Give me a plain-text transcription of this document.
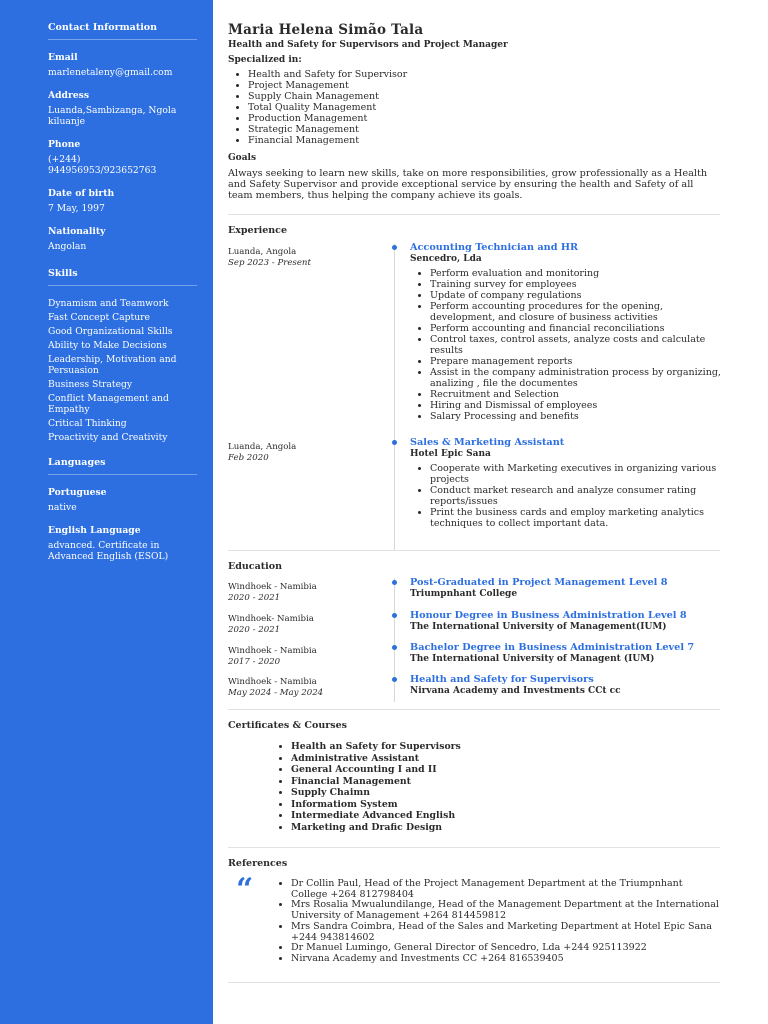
Contact Information
Email
marlenetaleny@gmail.com
Address
Luanda,Sambizanga, Ngola kiluanje
Phone
(+244)
944956953/923652763
Date of birth
7 May, 1997
Nationality
Angolan
Skills
Dynamism and Teamwork
Fast Concept Capture
Good Organizational Skills
Ability to Make Decisions
Leadership, Motivation and Persuasion
Business Strategy
Conflict Management and Empathy
Critical Thinking
Proactivity and Creativity
Languages
Portuguese
native
English Language
advanced. Certificate in Advanced English (ESOL)
Maria Helena Simão Tala
Health and Safety for Supervisors and Project Manager
Specialized in:
• Health and Safety for Supervisor
• Project Management
• Supply Chain Management
• Total Quality Management
• Production Management
• Strategic Management
• Financial Management
Goals
Always seeking to learn new skills, take on more responsibilities, grow professionally as a Health and Safety Supervisor and provide exceptional service by ensuring the health and Safety of all team members, thus helping the company achieve its goals.
Experience
Luanda, Angola
Sep 2023 - Present
Accounting Technician and HR
Sencedro, Lda
• Perform evaluation and monitoring
• Training survey for employees
• Update of company regulations
• Perform accounting procedures for the opening, development, and closure of business activities
• Perform accounting and financial reconciliations
• Control taxes, control assets, analyze costs and calculate results
• Prepare management reports
• Assist in the company administration process by organizing, analizing , file the documentes
• Recruitment and Selection
• Hiring and Dismissal of employees
• Salary Processing and benefits
Luanda, Angola
Feb 2020
Sales & Marketing Assistant
Hotel Epic Sana
• Cooperate with Marketing executives in organizing various projects
• Conduct market research and analyze consumer rating reports/issues
• Print the business cards and employ marketing analytics techniques to collect important data.
Education
Windhoek - Namibia
2020 - 2021
Post-Graduated in Project Management Level 8
Triumpnhant College
Windhoek- Namibia
2020 - 2021
Honour Degree in Business Administration Level 8
The International University of Management(IUM)
Windhoek - Namibia
2017 - 2020
Bachelor Degree in Business Administration Level 7
The International University of Managent (IUM)
Windhoek - Namibia
May 2024 - May 2024
Health and Safety for Supervisors
Nirvana Academy and Investments CCt cc
Certificates & Courses
• Health an Safety for Supervisors
• Administrative Assistant
• General Accounting I and II
• Financial Management
• Supply Chaimn
• Informatiom System
• Intermediate Advanced English
• Marketing and Drafic Design
References
“
•	Dr Collin Paul, Head of the Project Management Department at the Triumpnhant College +264 812798404
• Mrs Rosalia Mwualundilange, Head of the Management Department at the International University of Management +264 814459812
• Mrs Sandra Coimbra, Head of the Sales and Marketing Department at Hotel Epic Sana +244 943814602
• Dr Manuel Lumingo, General Director of Sencedro, Lda +244 925113922
• Nirvana Academy and Investments CC +264 816539405
